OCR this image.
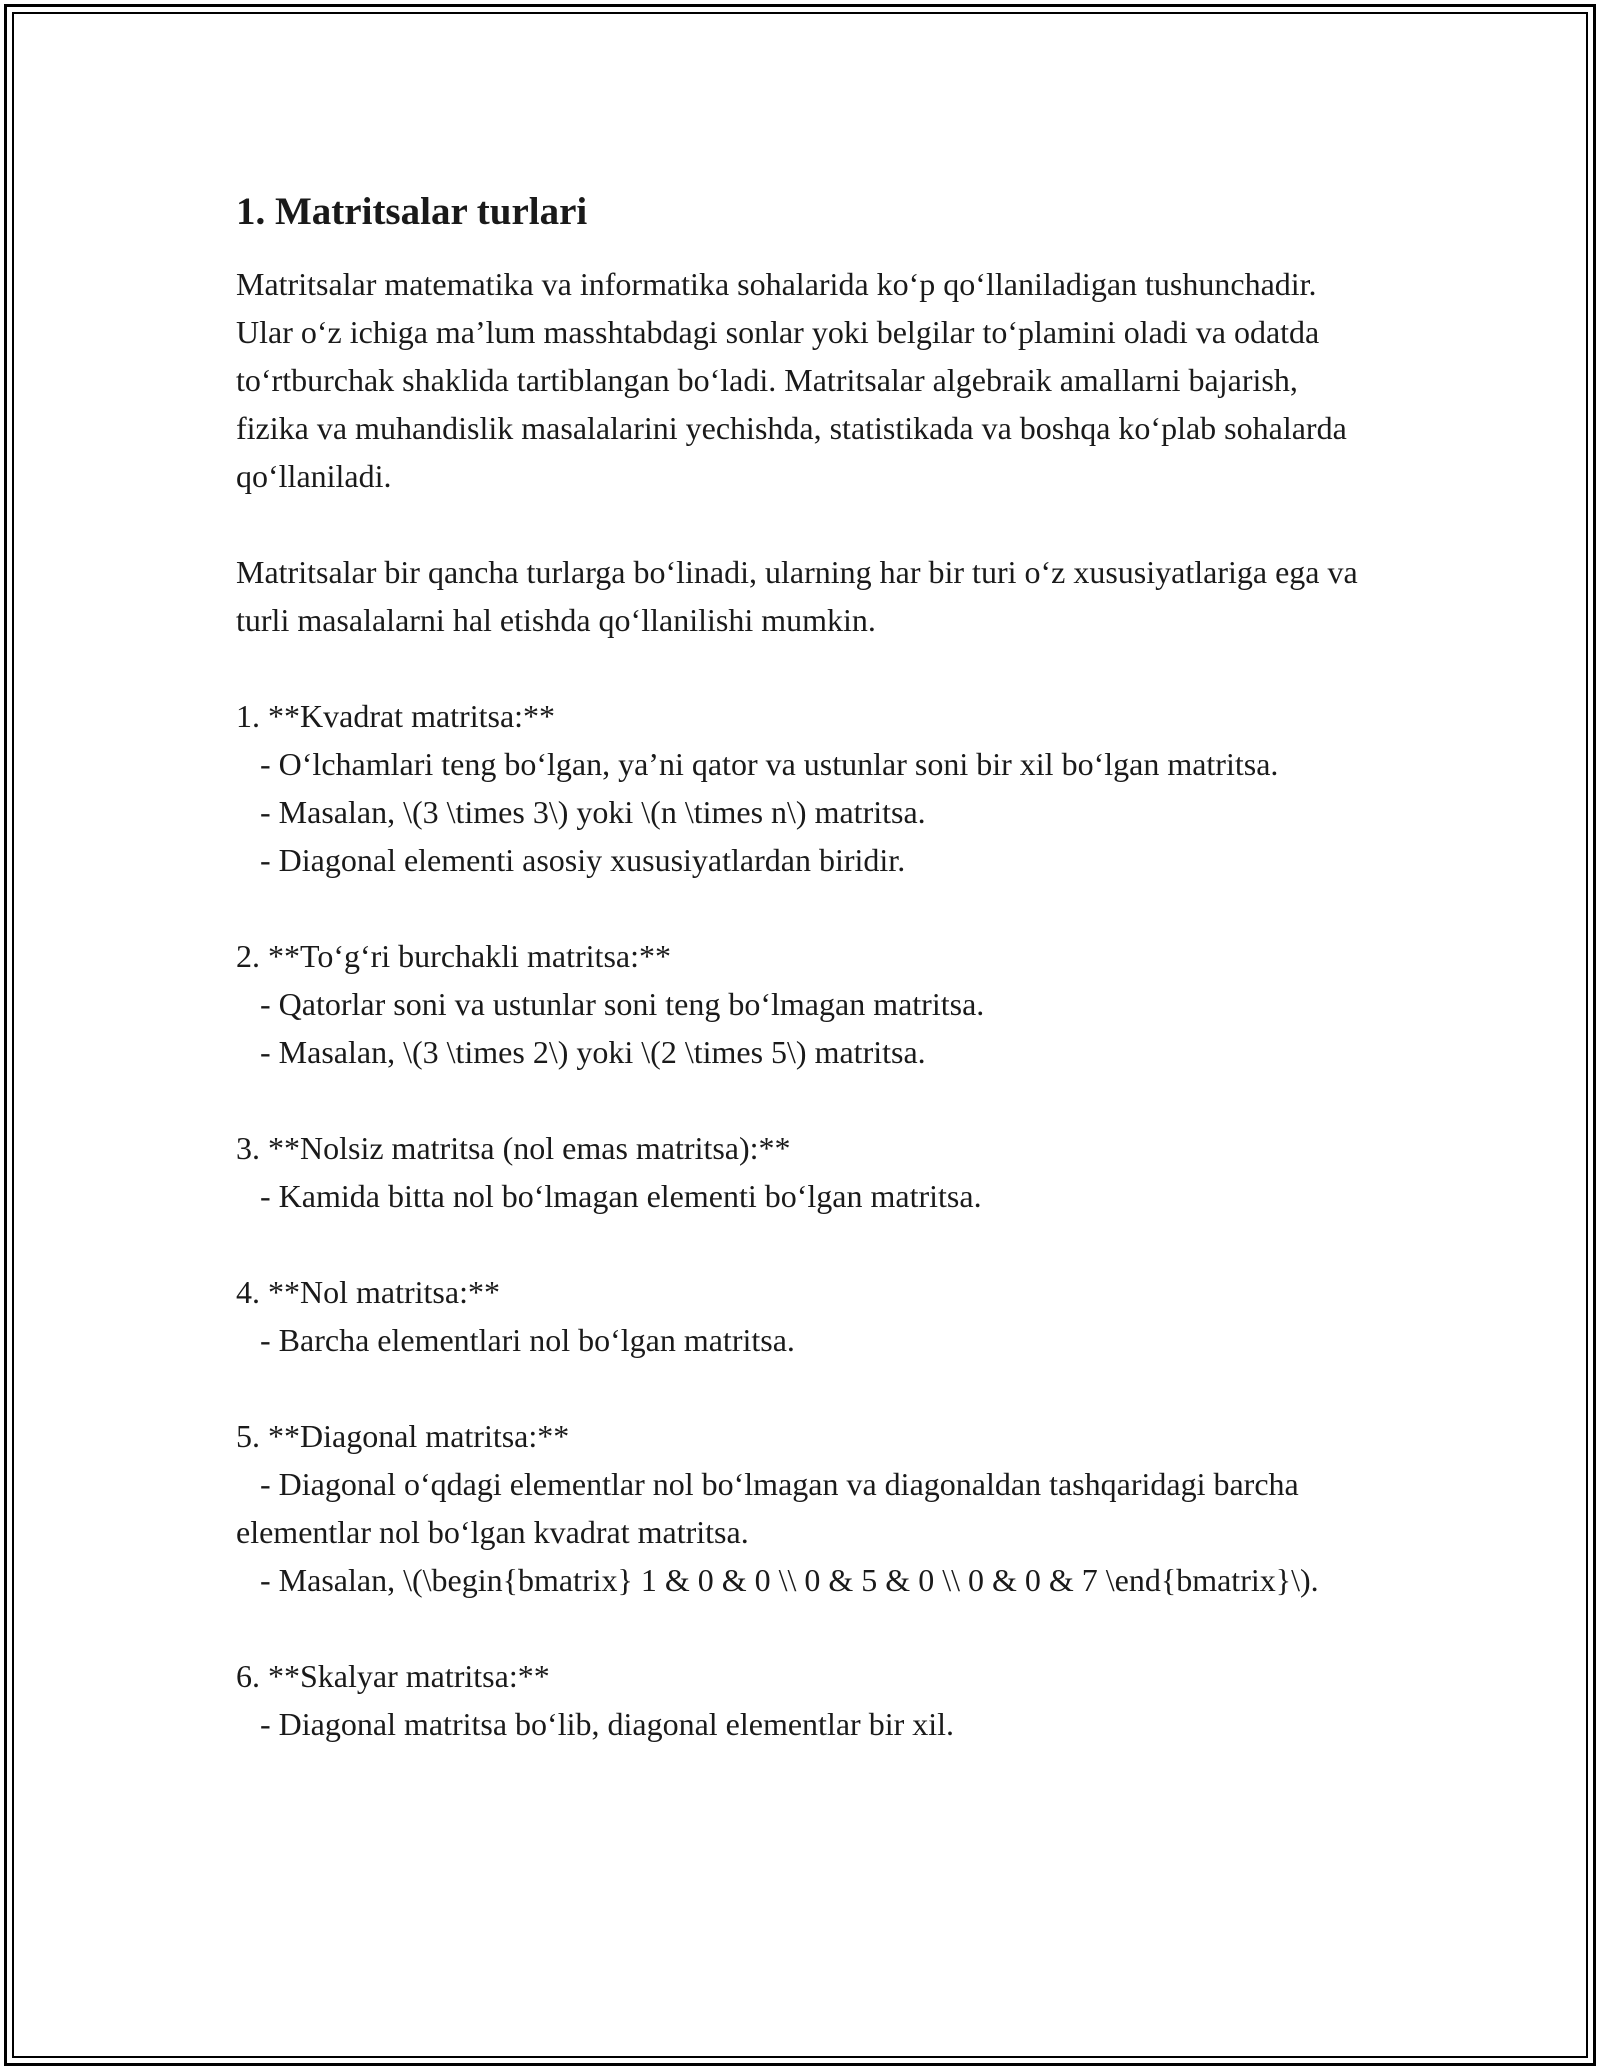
1. Matritsalar turlari

Matritsalar matematika va informatika sohalarida ko‘p qo‘llaniladigan tushunchadir. Ular o‘z ichiga ma’lum masshtabdagi sonlar yoki belgilar to‘plamini oladi va odatda to‘rtburchak shaklida tartiblangan bo‘ladi. Matritsalar algebraik amallarni bajarish, fizika va muhandislik masalalarini yechishda, statistikada va boshqa ko‘plab sohalarda qo‘llaniladi.

Matritsalar bir qancha turlarga bo‘linadi, ularning har bir turi o‘z xususiyatlariga ega va turli masalalarni hal etishda qo‘llanilishi mumkin.

1. **Kvadrat matritsa:**

- O‘lchamlari teng bo‘lgan, ya’ni qator va ustunlar soni bir xil bo‘lgan matritsa.

- Masalan, \(3 \times 3\) yoki \(n \times n\) matritsa.

- Diagonal elementi asosiy xususiyatlardan biridir.

2. **To‘g‘ri burchakli matritsa:**

- Qatorlar soni va ustunlar soni teng bo‘lmagan matritsa.

- Masalan, \(3 \times 2\) yoki \(2 \times 5\) matritsa.

3. **Nolsiz matritsa (nol emas matritsa):**

- Kamida bitta nol bo‘lmagan elementi bo‘lgan matritsa.

4. **Nol matritsa:**

- Barcha elementlari nol bo‘lgan matritsa.

5. **Diagonal matritsa:**

- Diagonal o‘qdagi elementlar nol bo‘lmagan va diagonaldan tashqaridagi barcha elementlar nol bo‘lgan kvadrat matritsa.

- Masalan, \(\begin{bmatrix} 1 & 0 & 0 \\ 0 & 5 & 0 \\ 0 & 0 & 7 \end{bmatrix}\).

6. **Skalyar matritsa:**

- Diagonal matritsa bo‘lib, diagonal elementlar bir xil.
